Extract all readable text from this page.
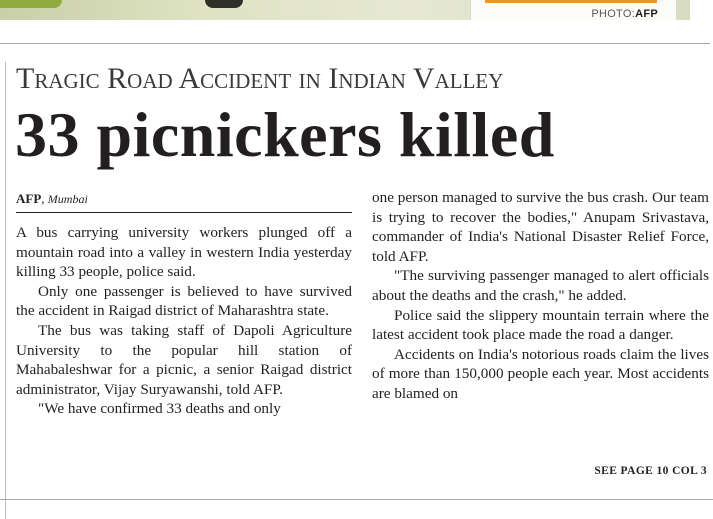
PHOTO:AFP
Tragic Road Accident in Indian Valley
33 picnickers killed
AFP, Mumbai

A bus carrying university workers plunged off a mountain road into a valley in western India yesterday killing 33 people, police said.

Only one passenger is believed to have survived the accident in Raigad district of Maharashtra state.

The bus was taking staff of Dapoli Agriculture University to the popular hill station of Mahabaleshwar for a picnic, a senior Raigad district administrator, Vijay Suryawanshi, told AFP.

"We have confirmed 33 deaths and only

one person managed to survive the bus crash. Our team is trying to recover the bodies," Anupam Srivastava, commander of India's National Disaster Relief Force, told AFP.

"The surviving passenger managed to alert officials about the deaths and the crash," he added.

Police said the slippery mountain terrain where the latest accident took place made the road a danger.

Accidents on India's notorious roads claim the lives of more than 150,000 people each year. Most accidents are blamed on

SEE PAGE 10 COL 3
